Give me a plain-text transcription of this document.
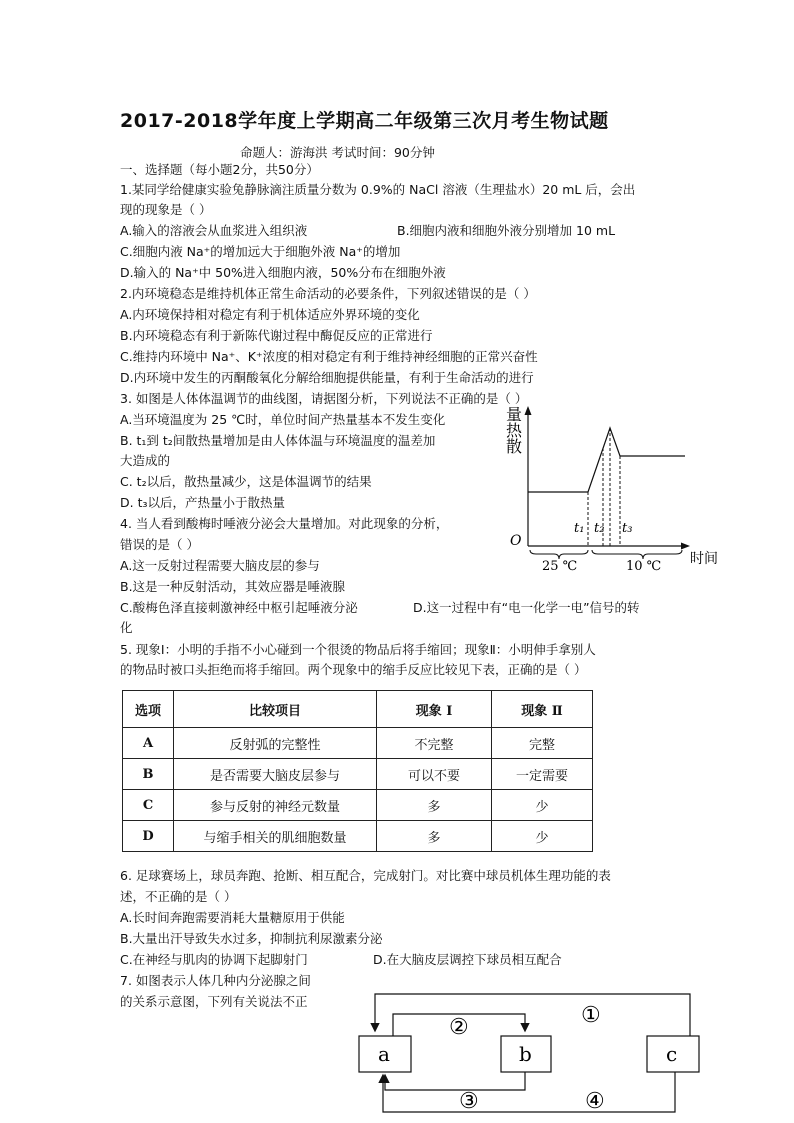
2017-2018学年度上学期高二年级第三次月考生物试题
命题人：游海洪 考试时间：90分钟
一、选择题（每小题2分，共50分）
1.某同学给健康实验兔静脉滴注质量分数为 0.9%的 NaCl 溶液（生理盐水）20 mL 后，会出
现的现象是（ ）
A.输入的溶液会从血浆进入组织液	B.细胞内液和细胞外液分别增加 10 mL
C.细胞内液 Na⁺的增加远大于细胞外液 Na⁺的增加
D.输入的 Na⁺中 50%进入细胞内液，50%分布在细胞外液
2.内环境稳态是维持机体正常生命活动的必要条件，下列叙述错误的是（ ）
A.内环境保持相对稳定有利于机体适应外界环境的变化
B.内环境稳态有利于新陈代谢过程中酶促反应的正常进行
C.维持内环境中 Na⁺、K⁺浓度的相对稳定有利于维持神经细胞的正常兴奋性
D.内环境中发生的丙酮酸氧化分解给细胞提供能量，有利于生命活动的进行
3. 如图是人体体温调节的曲线图，请据图分析，下列说法不正确的是（ ）
A.当环境温度为 25 ℃时，单位时间产热量基本不发生变化
B. t₁到 t₂间散热量增加是由人体体温与环境温度的温差加
大造成的
C. t₂以后，散热量减少，这是体温调节的结果
D. t₃以后，产热量小于散热量
4. 当人看到酸梅时唾液分泌会大量增加。对此现象的分析，
错误的是（ ）
A.这一反射过程需要大脑皮层的参与
B.这是一种反射活动，其效应器是唾液腺
C.酸梅色泽直接刺激神经中枢引起唾液分泌	D.这一过程中有“电一化学一电”信号的转
化
5. 现象Ⅰ：小明的手指不小心碰到一个很烫的物品后将手缩回；现象Ⅱ：小明伸手拿别人
的物品时被口头拒绝而将手缩回。两个现象中的缩手反应比较见下表，正确的是（ ）
散
热
量
O
t₁ t₂ t₃
25 ℃	10 ℃ 时间
选项	比较项目	现象 Ⅰ	现象 Ⅱ
A	反射弧的完整性	不完整	完整
B	是否需要大脑皮层参与	可以不要	一定需要
C	参与反射的神经元数量	多	少
D	与缩手相关的肌细胞数量	多	少
6. 足球赛场上，球员奔跑、抢断、相互配合，完成射门。对比赛中球员机体生理功能的表
述，不正确的是（ ）
A.长时间奔跑需要消耗大量糖原用于供能
B.大量出汗导致失水过多，抑制抗利尿激素分泌
C.在神经与肌肉的协调下起脚射门	D.在大脑皮层调控下球员相互配合
7. 如图表示人体几种内分泌腺之间
的关系示意图，下列有关说法不正
a	b	c
①
②
③	④
